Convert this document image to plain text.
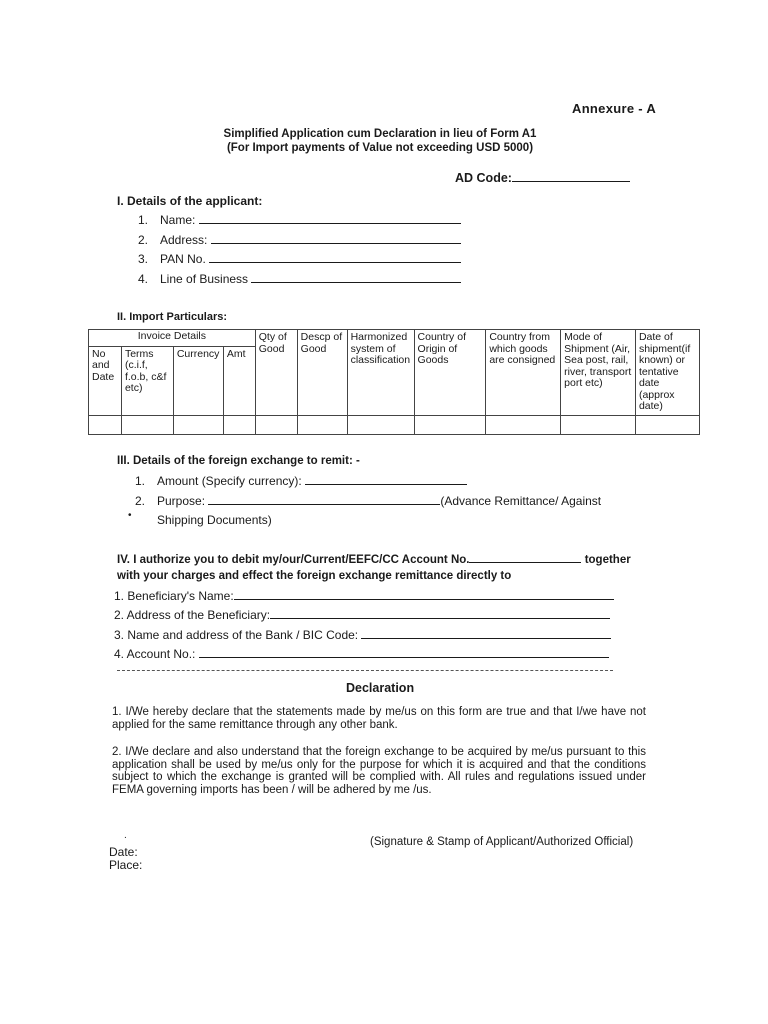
Annexure - A
Simplified Application cum Declaration in lieu of Form A1
(For Import payments of Value not exceeding USD 5000)
AD Code:
I. Details of the applicant:
1. Name:
2. Address:
3. PAN No.
4. Line of Business
II. Import Particulars:
Invoice Details				Qty of Good	Descp of Good	Harmonized system of classification	Country of Origin of Goods	Country from which goods are consigned	Mode of Shipment (Air, Sea post, rail, river, transport port etc)	Date of shipment(if known) or tentative date (approx date)
No and Date	Terms (c.i.f, f.o.b, c&f etc)	Currency	Amt							

III. Details of the foreign exchange to remit: -
1. Amount (Specify currency):
2. Purpose:	(Advance Remittance/ Against
• Shipping Documents)
IV. I authorize you to debit my/our/Current/EEFC/CC Account No.	together
with your charges and effect the foreign exchange remittance directly to
1. Beneficiary's Name:
2. Address of the Beneficiary:
3. Name and address of the Bank / BIC Code:
4. Account No.:
Declaration
1. I/We hereby declare that the statements made by me/us on this form are true and that I/we have not applied for the same remittance through any other bank.
2. I/We declare and also understand that the foreign exchange to be acquired by me/us pursuant to this application shall be used by me/us only for the purpose for which it is acquired and that the conditions subject to which the exchange is granted will be complied with. All rules and regulations issued under FEMA governing imports has been / will be adhered by me /us.
(Signature & Stamp of Applicant/Authorized Official)
.
Date:
Place:
